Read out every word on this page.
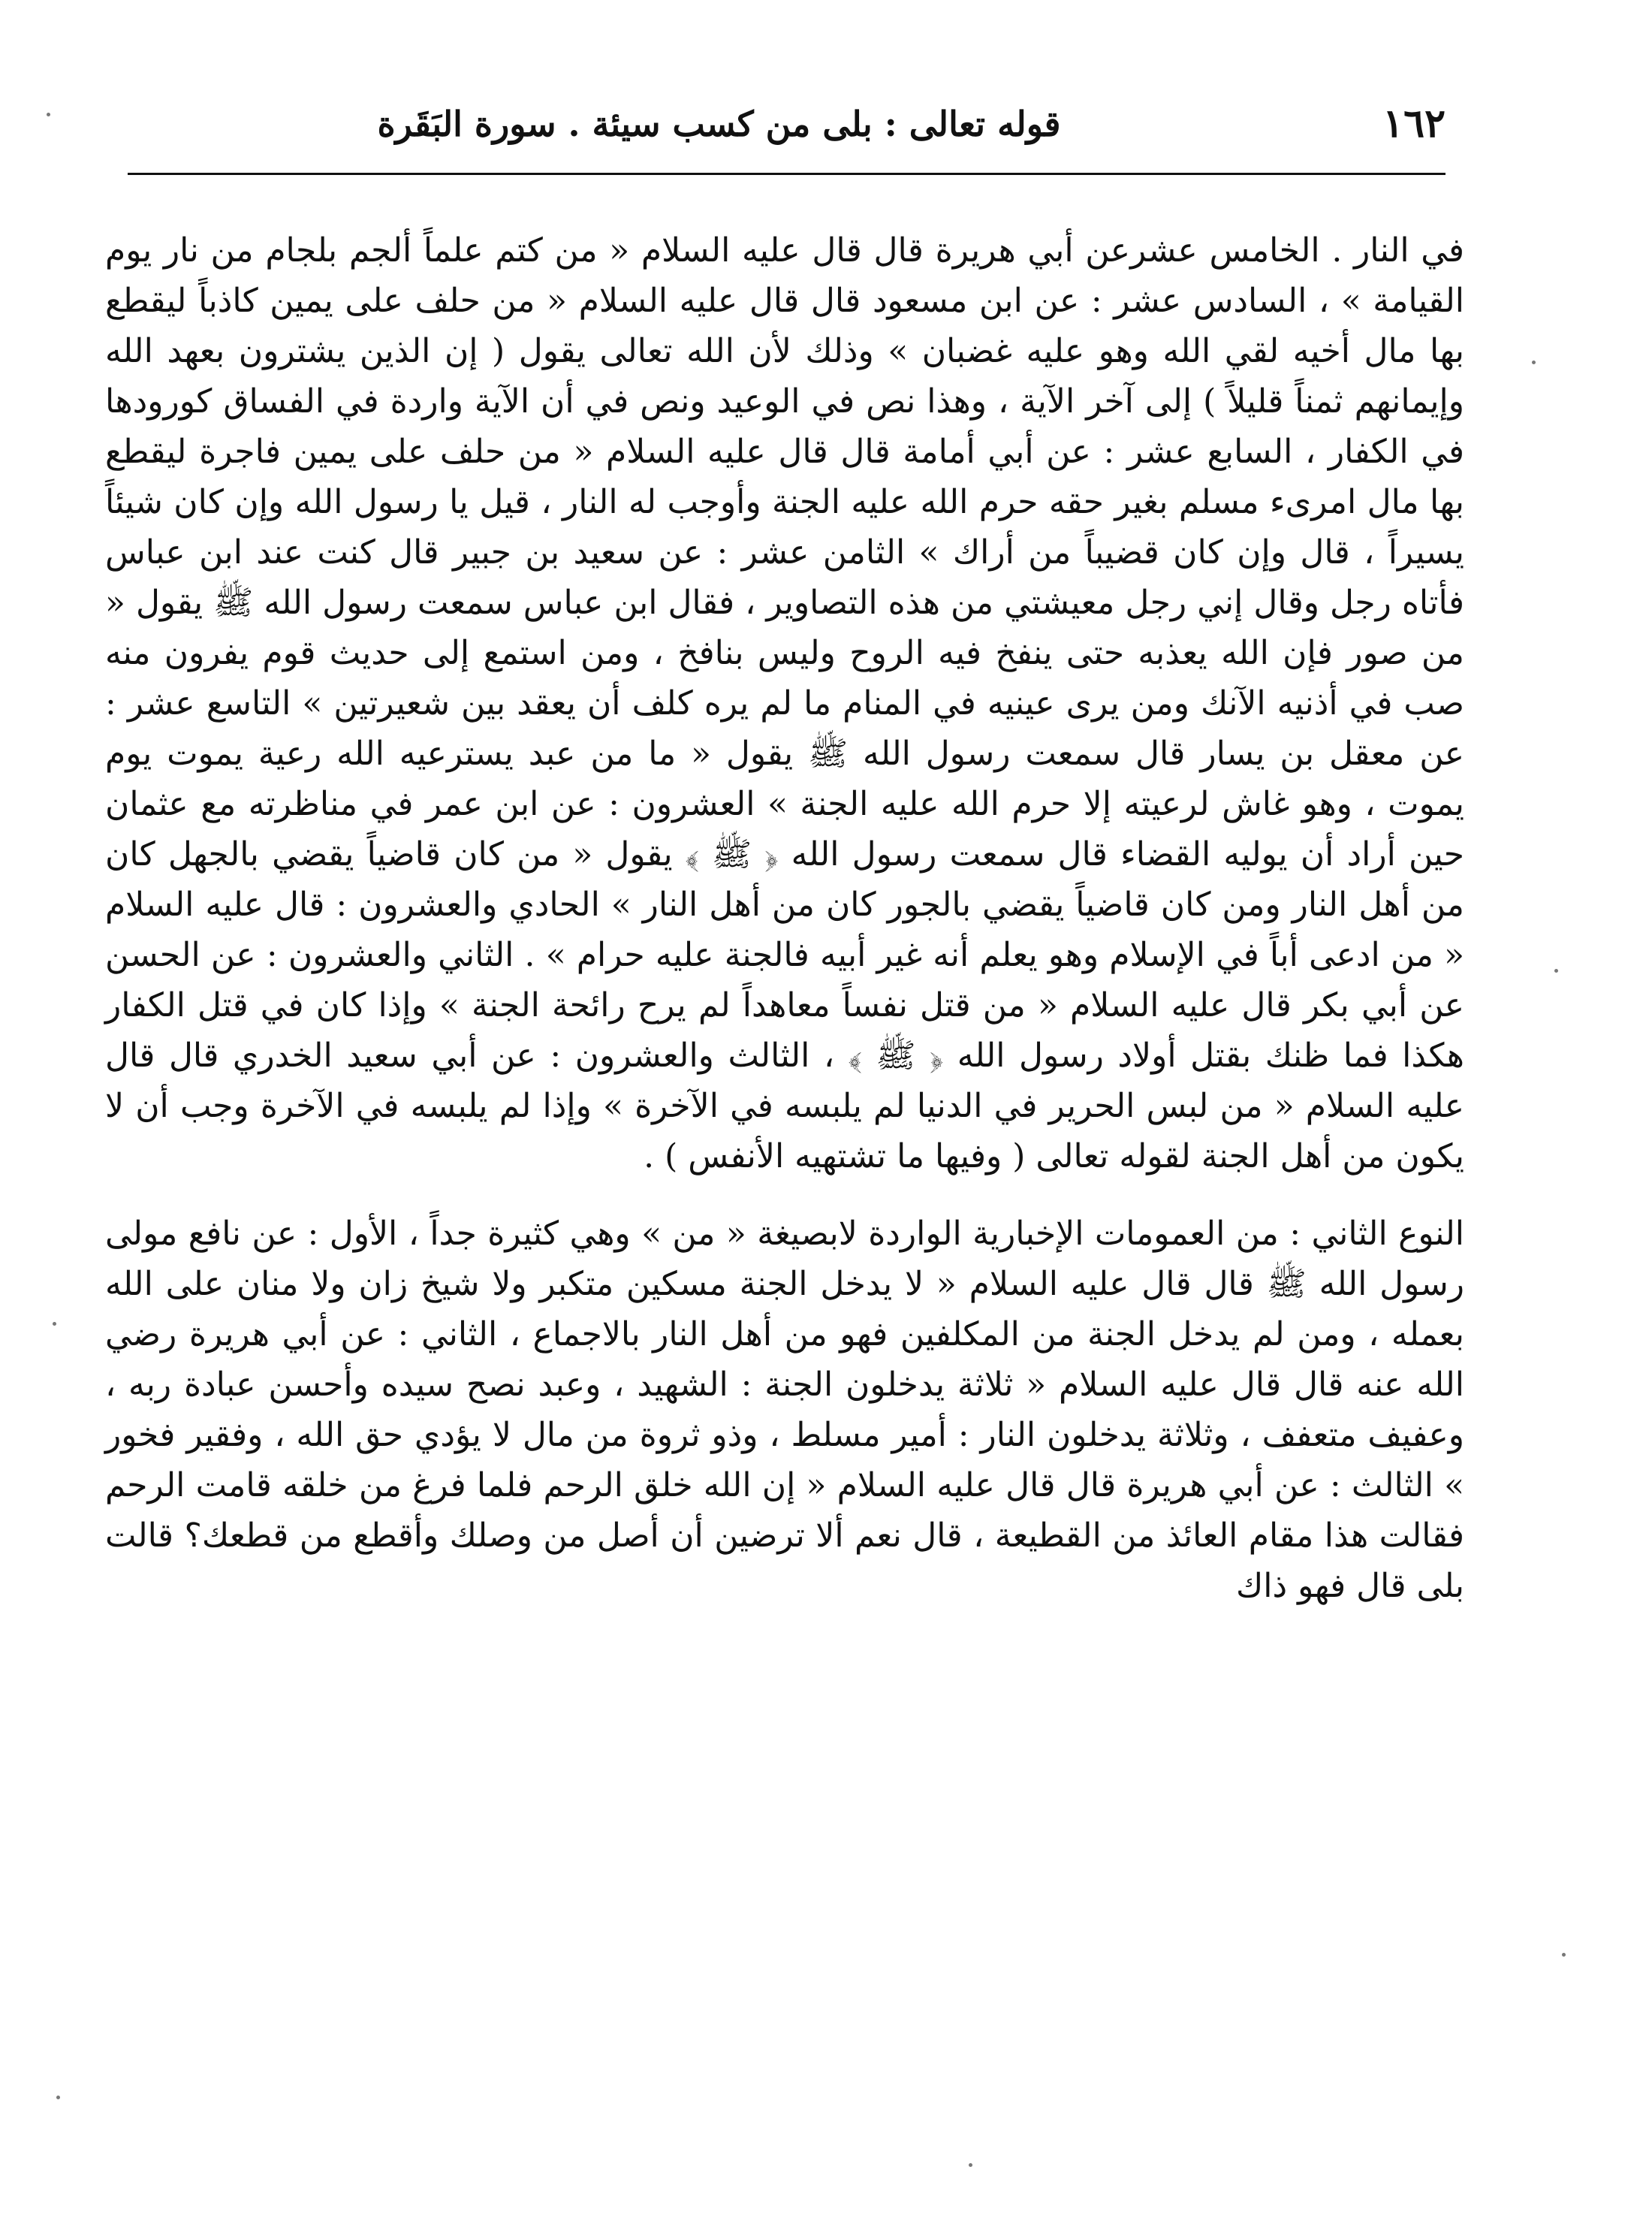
١٦٢
قوله تعالى : بلى من كسب سيئة . سورة البَقَرة

في النار . الخامس عشرعن أبي هريرة قال قال عليه السلام « من كتم علماً ألجم بلجام من نار يوم القيامة » ، السادس عشر : عن ابن مسعود قال قال عليه السلام « من حلف على يمين كاذباً ليقطع بها مال أخيه لقي الله وهو عليه غضبان » وذلك لأن الله تعالى يقول ( إن الذين يشترون بعهد الله وإيمانهم ثمناً قليلاً ) إلى آخر الآية ، وهذا نص في الوعيد ونص في أن الآية واردة في الفساق كورودها في الكفار ، السابع عشر : عن أبي أمامة قال قال عليه السلام « من حلف على يمين فاجرة ليقطع بها مال امرىء مسلم بغير حقه حرم الله عليه الجنة وأوجب له النار ، قيل يا رسول الله وإن كان شيئاً يسيراً ، قال وإن كان قضيباً من أراك » الثامن عشر : عن سعيد بن جبير قال كنت عند ابن عباس فأتاه رجل وقال إني رجل معيشتي من هذه التصاوير ، فقال ابن عباس سمعت رسول الله ﷺ يقول « من صور فإن الله يعذبه حتى ينفخ فيه الروح وليس بنافخ ، ومن استمع إلى حديث قوم يفرون منه صب في أذنيه الآنك ومن يرى عينيه في المنام ما لم يره كلف أن يعقد بين شعيرتين » التاسع عشر : عن معقل بن يسار قال سمعت رسول الله ﷺ يقول « ما من عبد يسترعيه الله رعية يموت يوم يموت ، وهو غاش لرعيته إلا حرم الله عليه الجنة » العشرون : عن ابن عمر في مناظرته مع عثمان حين أراد أن يوليه القضاء قال سمعت رسول الله ﴿ ﷺ ﴾ يقول « من كان قاضياً يقضي بالجهل كان من أهل النار ومن كان قاضياً يقضي بالجور كان من أهل النار » الحادي والعشرون : قال عليه السلام « من ادعى أباً في الإسلام وهو يعلم أنه غير أبيه فالجنة عليه حرام » . الثاني والعشرون : عن الحسن عن أبي بكر قال عليه السلام « من قتل نفساً معاهداً لم يرح رائحة الجنة » وإذا كان في قتل الكفار هكذا فما ظنك بقتل أولاد رسول الله ﴿ ﷺ ﴾ ، الثالث والعشرون : عن أبي سعيد الخدري قال قال عليه السلام « من لبس الحرير في الدنيا لم يلبسه في الآخرة » وإذا لم يلبسه في الآخرة وجب أن لا يكون من أهل الجنة لقوله تعالى ( وفيها ما تشتهيه الأنفس ) .

النوع الثاني : من العمومات الإخبارية الواردة لابصيغة « من » وهي كثيرة جداً ، الأول : عن نافع مولى رسول الله ﷺ قال قال عليه السلام « لا يدخل الجنة مسكين متكبر ولا شيخ زان ولا منان على الله بعمله ، ومن لم يدخل الجنة من المكلفين فهو من أهل النار بالاجماع ، الثاني : عن أبي هريرة رضي الله عنه قال قال عليه السلام « ثلاثة يدخلون الجنة : الشهيد ، وعبد نصح سيده وأحسن عبادة ربه ، وعفيف متعفف ، وثلاثة يدخلون النار : أمير مسلط ، وذو ثروة من مال لا يؤدي حق الله ، وفقير فخور » الثالث : عن أبي هريرة قال قال عليه السلام « إن الله خلق الرحم فلما فرغ من خلقه قامت الرحم فقالت هذا مقام العائذ من القطيعة ، قال نعم ألا ترضين أن أصل من وصلك وأقطع من قطعك؟ قالت بلى قال فهو ذاك
